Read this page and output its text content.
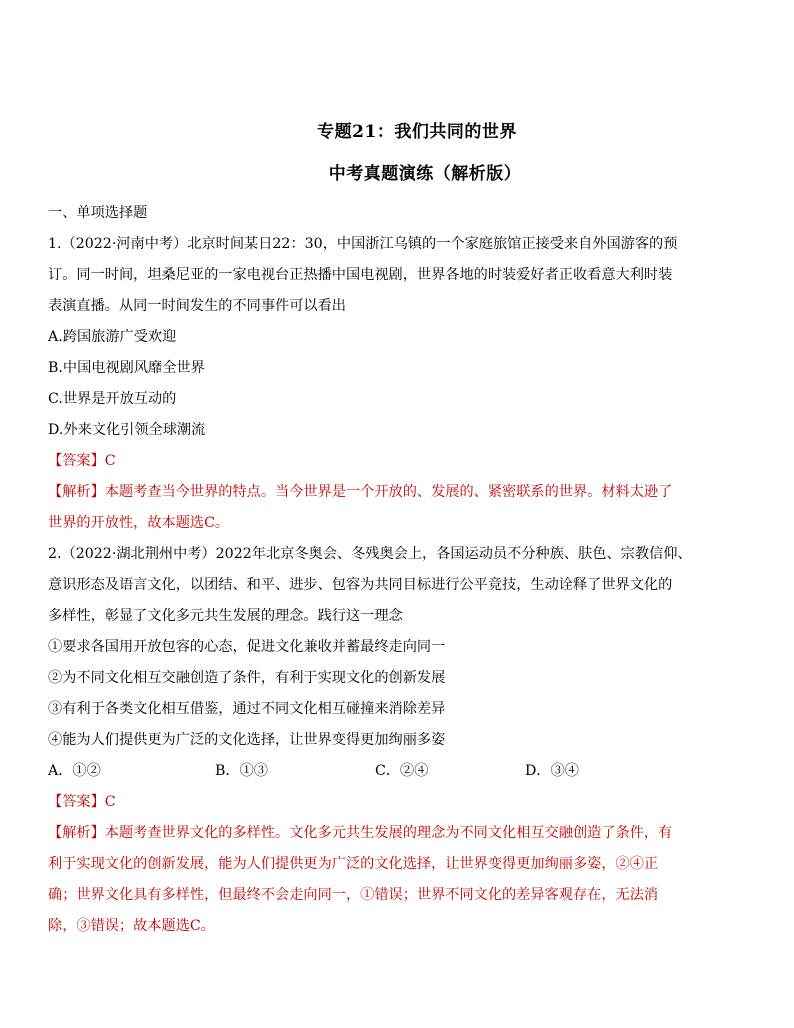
专题21：我们共同的世界
中考真题演练（解析版）
一、单项选择题
1.（2022·河南中考）北京时间某日22：30，中国浙江乌镇的一个家庭旅馆正接受来自外国游客的预
订。同一时间，坦桑尼亚的一家电视台正热播中国电视剧，世界各地的时装爱好者正收看意大利时装
表演直播。从同一时间发生的不同事件可以看出
A.跨国旅游广受欢迎
B.中国电视剧风靡全世界
C.世界是开放互动的
D.外来文化引领全球潮流
【答案】C
【解析】本题考查当今世界的特点。当今世界是一个开放的、发展的、紧密联系的世界。材料太逊了
世界的开放性，故本题选C。
2.（2022·湖北荆州中考）2022年北京冬奥会、冬残奥会上，各国运动员不分种族、肤色、宗教信仰、
意识形态及语言文化，以团结、和平、进步、包容为共同目标进行公平竞技，生动诠释了世界文化的
多样性，彰显了文化多元共生发展的理念。践行这一理念
①要求各国用开放包容的心态，促进文化兼收并蓄最终走向同一
②为不同文化相互交融创造了条件，有利于实现文化的创新发展
③有利于各类文化相互借鉴，通过不同文化相互碰撞来消除差异
④能为人们提供更为广泛的文化选择，让世界变得更加绚丽多姿
A．①②	B．①③	C．②④	D．③④
【答案】C
【解析】本题考查世界文化的多样性。文化多元共生发展的理念为不同文化相互交融创造了条件，有
利于实现文化的创新发展，能为人们提供更为广泛的文化选择，让世界变得更加绚丽多姿，②④正
确；世界文化具有多样性，但最终不会走向同一，①错误；世界不同文化的差异客观存在，无法消
除，③错误；故本题选C。
